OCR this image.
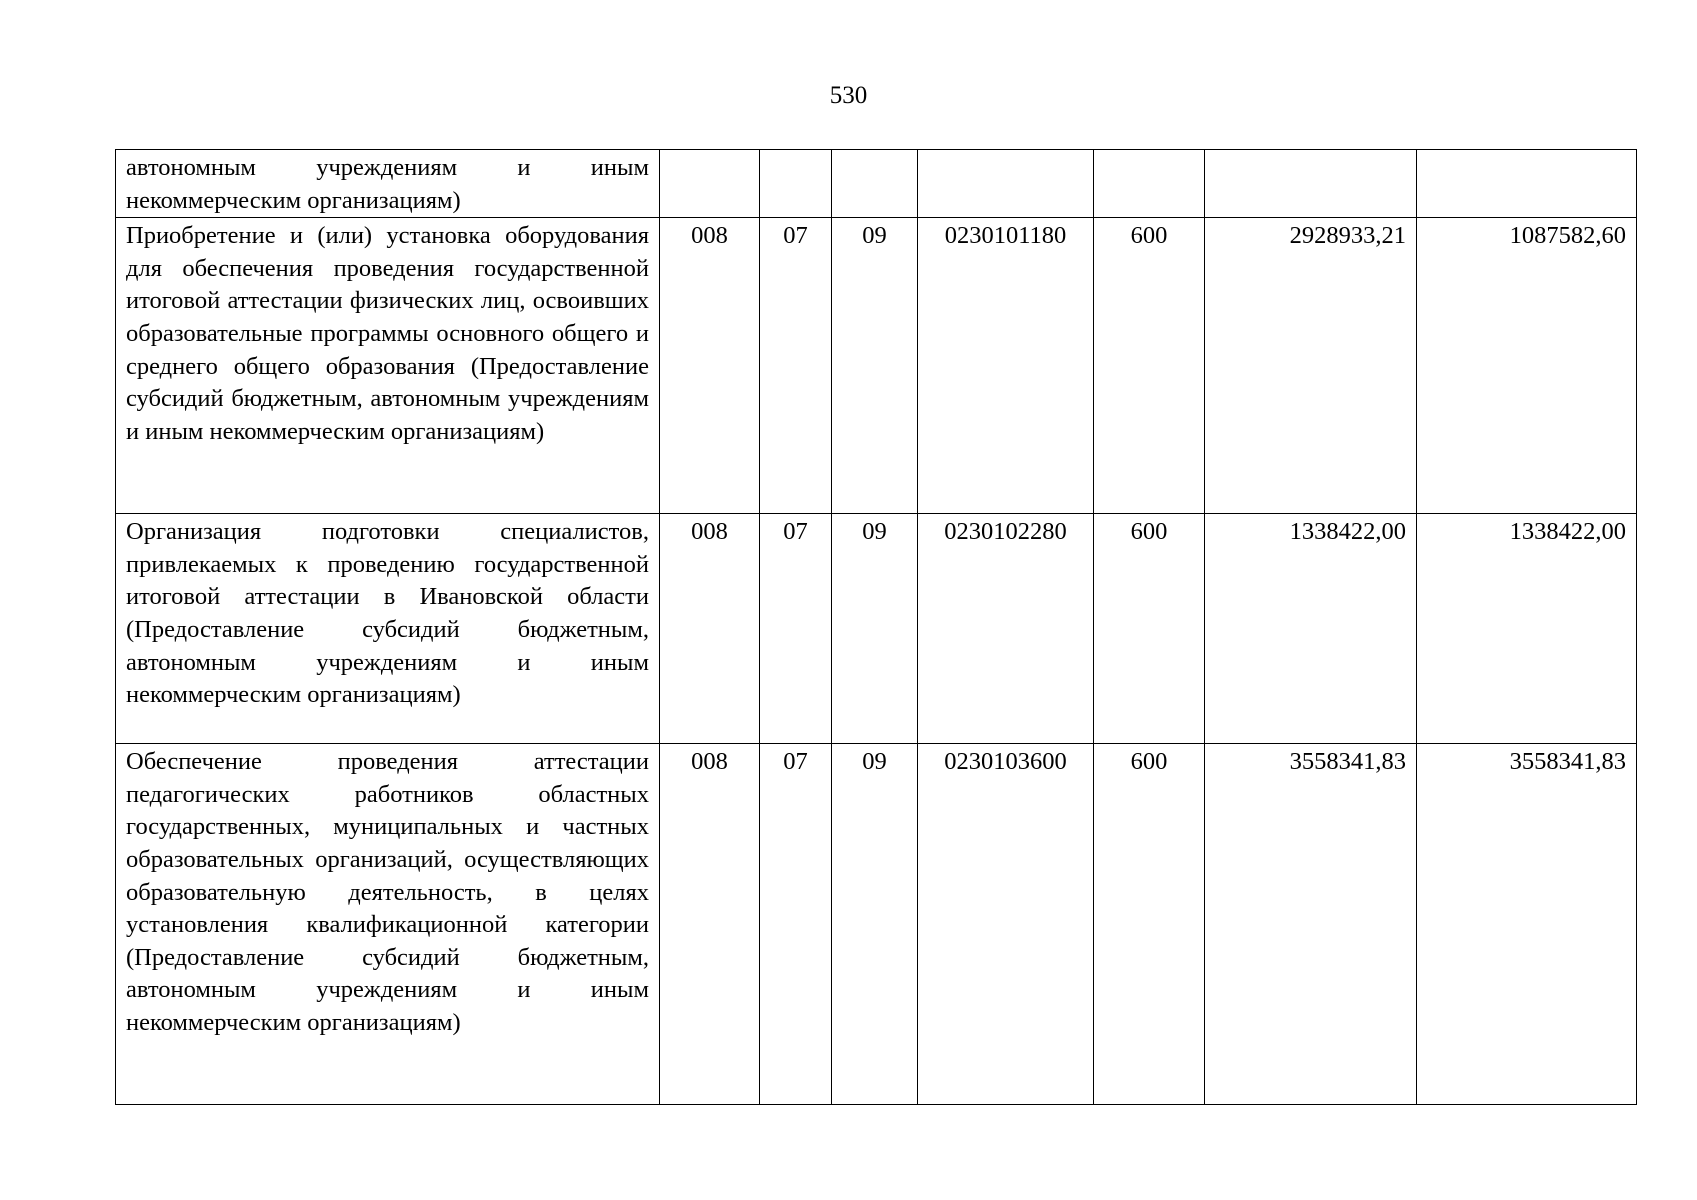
530
автономным учреждениям и иным некоммерческим организациям)							
Приобретение и (или) установка оборудования для обеспечения проведения государственной итоговой аттестации физических лиц, освоивших образовательные программы основного общего и среднего общего образования (Предоставление субсидий бюджетным, автономным учреждениям и иным некоммерческим организациям)	008	07	09	0230101180	600	2928933,21	1087582,60
Организация подготовки специалистов, привлекаемых к проведению государственной итоговой аттестации в Ивановской области (Предоставление субсидий бюджетным, автономным учреждениям и иным некоммерческим организациям)	008	07	09	0230102280	600	1338422,00	1338422,00
Обеспечение проведения аттестации педагогических работников областных государственных, муниципальных и частных образовательных организаций, осуществляющих образовательную деятельность, в целях установления квалификационной категории (Предоставление субсидий бюджетным, автономным учреждениям и иным некоммерческим организациям)	008	07	09	0230103600	600	3558341,83	3558341,83
